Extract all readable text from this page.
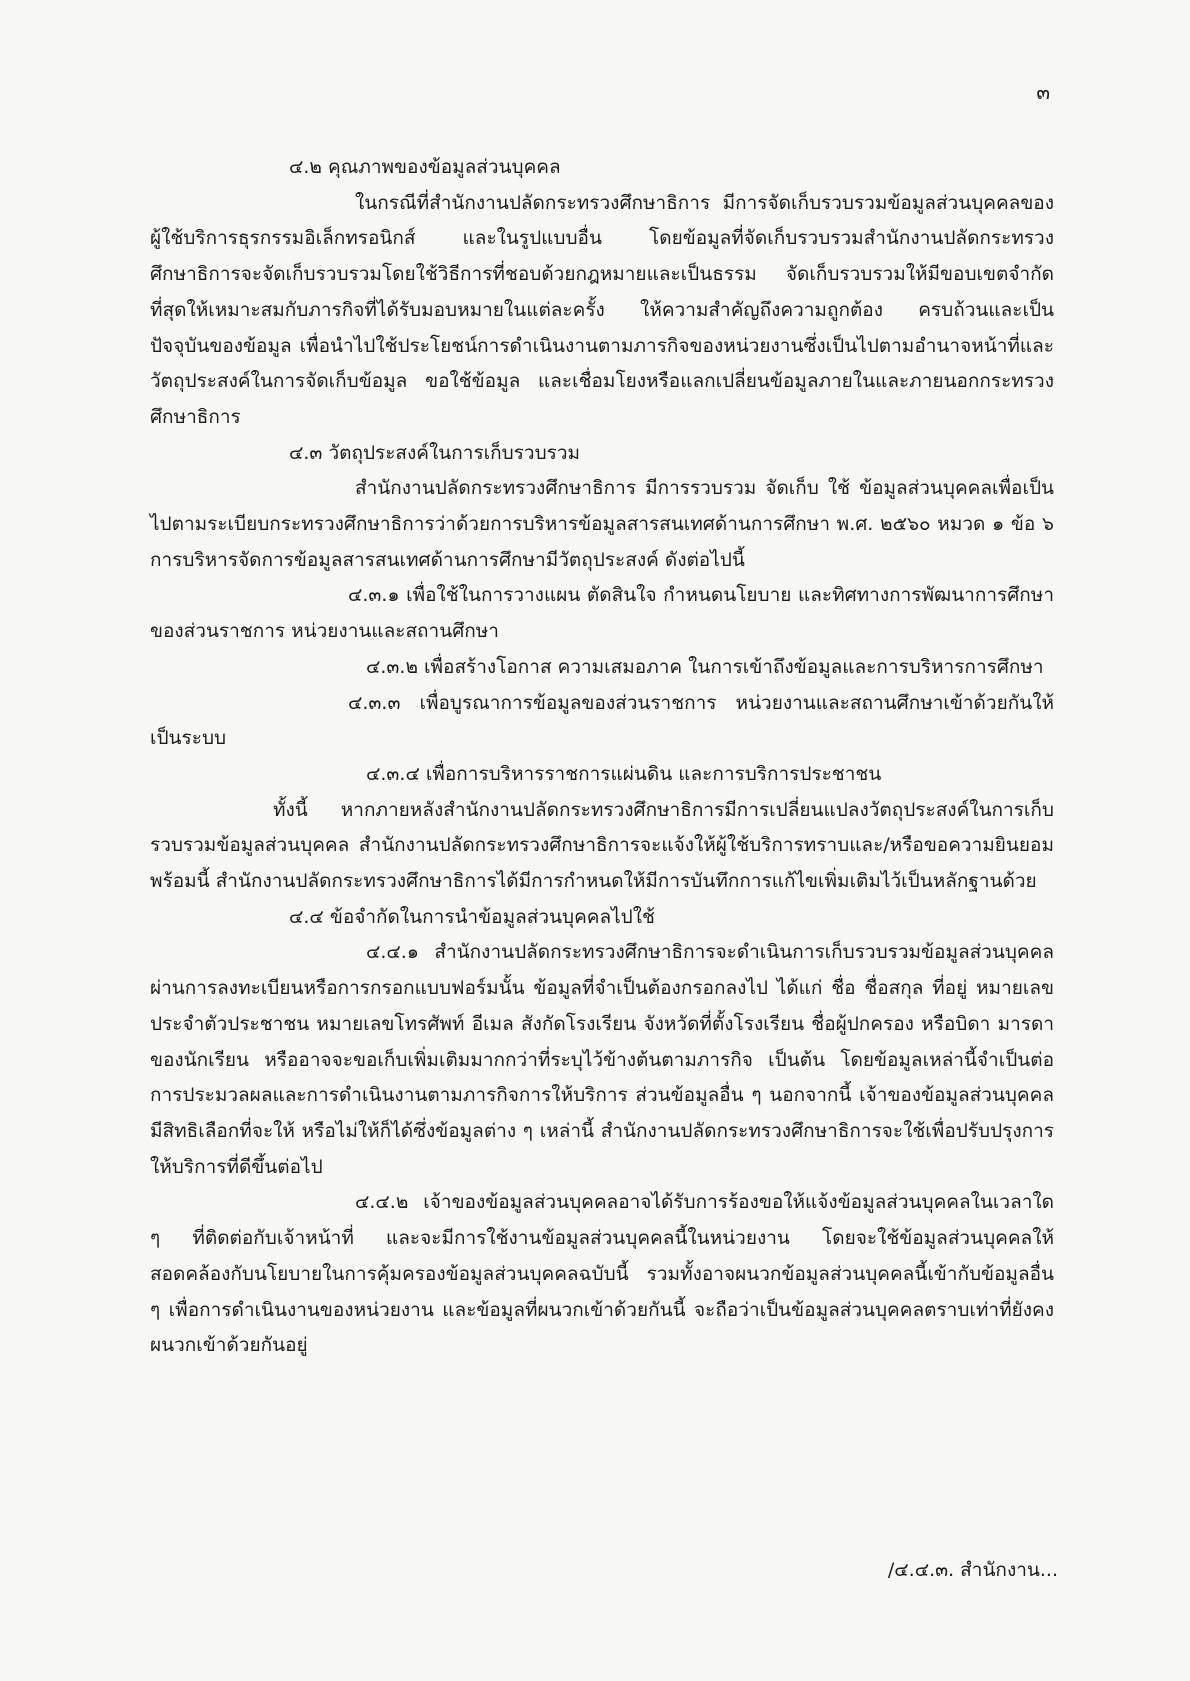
๓

๔.๒ คุณภาพของข้อมูลส่วนบุคคล

ในกรณีที่สำนักงานปลัดกระทรวงศึกษาธิการ มีการจัดเก็บรวบรวมข้อมูลส่วนบุคคลของผู้ใช้บริการธุรกรรมอิเล็กทรอนิกส์ และในรูปแบบอื่น โดยข้อมูลที่จัดเก็บรวบรวมสำนักงานปลัดกระทรวงศึกษาธิการจะจัดเก็บรวบรวมโดยใช้วิธีการที่ชอบด้วยกฎหมายและเป็นธรรม จัดเก็บรวบรวมให้มีขอบเขตจำกัดที่สุดให้เหมาะสมกับภารกิจที่ได้รับมอบหมายในแต่ละครั้ง ให้ความสำคัญถึงความถูกต้อง ครบถ้วนและเป็นปัจจุบันของข้อมูล เพื่อนำไปใช้ประโยชน์การดำเนินงานตามภารกิจของหน่วยงานซึ่งเป็นไปตามอำนาจหน้าที่และวัตถุประสงค์ในการจัดเก็บข้อมูล ขอใช้ข้อมูล และเชื่อมโยงหรือแลกเปลี่ยนข้อมูลภายในและภายนอกกระทรวงศึกษาธิการ

๔.๓ วัตถุประสงค์ในการเก็บรวบรวม

สำนักงานปลัดกระทรวงศึกษาธิการ มีการรวบรวม จัดเก็บ ใช้ ข้อมูลส่วนบุคคลเพื่อเป็นไปตามระเบียบกระทรวงศึกษาธิการว่าด้วยการบริหารข้อมูลสารสนเทศด้านการศึกษา พ.ศ. ๒๕๖๐ หมวด ๑ ข้อ ๖ การบริหารจัดการข้อมูลสารสนเทศด้านการศึกษามีวัตถุประสงค์ ดังต่อไปนี้

๔.๓.๑ เพื่อใช้ในการวางแผน ตัดสินใจ กำหนดนโยบาย และทิศทางการพัฒนาการศึกษาของส่วนราชการ หน่วยงานและสถานศึกษา

๔.๓.๒ เพื่อสร้างโอกาส ความเสมอภาค ในการเข้าถึงข้อมูลและการบริหารการศึกษา

๔.๓.๓ เพื่อบูรณาการข้อมูลของส่วนราชการ หน่วยงานและสถานศึกษาเข้าด้วยกันให้เป็นระบบ

๔.๓.๔ เพื่อการบริหารราชการแผ่นดิน และการบริการประชาชน

ทั้งนี้ หากภายหลังสำนักงานปลัดกระทรวงศึกษาธิการมีการเปลี่ยนแปลงวัตถุประสงค์ในการเก็บรวบรวมข้อมูลส่วนบุคคล สำนักงานปลัดกระทรวงศึกษาธิการจะแจ้งให้ผู้ใช้บริการทราบและ/หรือขอความยินยอม พร้อมนี้ สำนักงานปลัดกระทรวงศึกษาธิการได้มีการกำหนดให้มีการบันทึกการแก้ไขเพิ่มเติมไว้เป็นหลักฐานด้วย

๔.๔ ข้อจำกัดในการนำข้อมูลส่วนบุคคลไปใช้

๔.๔.๑ สำนักงานปลัดกระทรวงศึกษาธิการจะดำเนินการเก็บรวบรวมข้อมูลส่วนบุคคลผ่านการลงทะเบียนหรือการกรอกแบบฟอร์มนั้น ข้อมูลที่จำเป็นต้องกรอกลงไป ได้แก่ ชื่อ ชื่อสกุล ที่อยู่ หมายเลขประจำตัวประชาชน หมายเลขโทรศัพท์ อีเมล สังกัดโรงเรียน จังหวัดที่ตั้งโรงเรียน ชื่อผู้ปกครอง หรือบิดา มารดาของนักเรียน หรืออาจจะขอเก็บเพิ่มเติมมากกว่าที่ระบุไว้ข้างต้นตามภารกิจ เป็นต้น โดยข้อมูลเหล่านี้จำเป็นต่อการประมวลผลและการดำเนินงานตามภารกิจการให้บริการ ส่วนข้อมูลอื่น ๆ นอกจากนี้ เจ้าของข้อมูลส่วนบุคคลมีสิทธิเลือกที่จะให้ หรือไม่ให้ก็ได้ซึ่งข้อมูลต่าง ๆ เหล่านี้ สำนักงานปลัดกระทรวงศึกษาธิการจะใช้เพื่อปรับปรุงการให้บริการที่ดีขึ้นต่อไป

๔.๔.๒ เจ้าของข้อมูลส่วนบุคคลอาจได้รับการร้องขอให้แจ้งข้อมูลส่วนบุคคลในเวลาใด ๆ ที่ติดต่อกับเจ้าหน้าที่ และจะมีการใช้งานข้อมูลส่วนบุคคลนี้ในหน่วยงาน โดยจะใช้ข้อมูลส่วนบุคคลให้สอดคล้องกับนโยบายในการคุ้มครองข้อมูลส่วนบุคคลฉบับนี้ รวมทั้งอาจผนวกข้อมูลส่วนบุคคลนี้เข้ากับข้อมูลอื่น ๆ เพื่อการดำเนินงานของหน่วยงาน และข้อมูลที่ผนวกเข้าด้วยกันนี้ จะถือว่าเป็นข้อมูลส่วนบุคคลตราบเท่าที่ยังคงผนวกเข้าด้วยกันอยู่

/๔.๔.๓. สำนักงาน...
